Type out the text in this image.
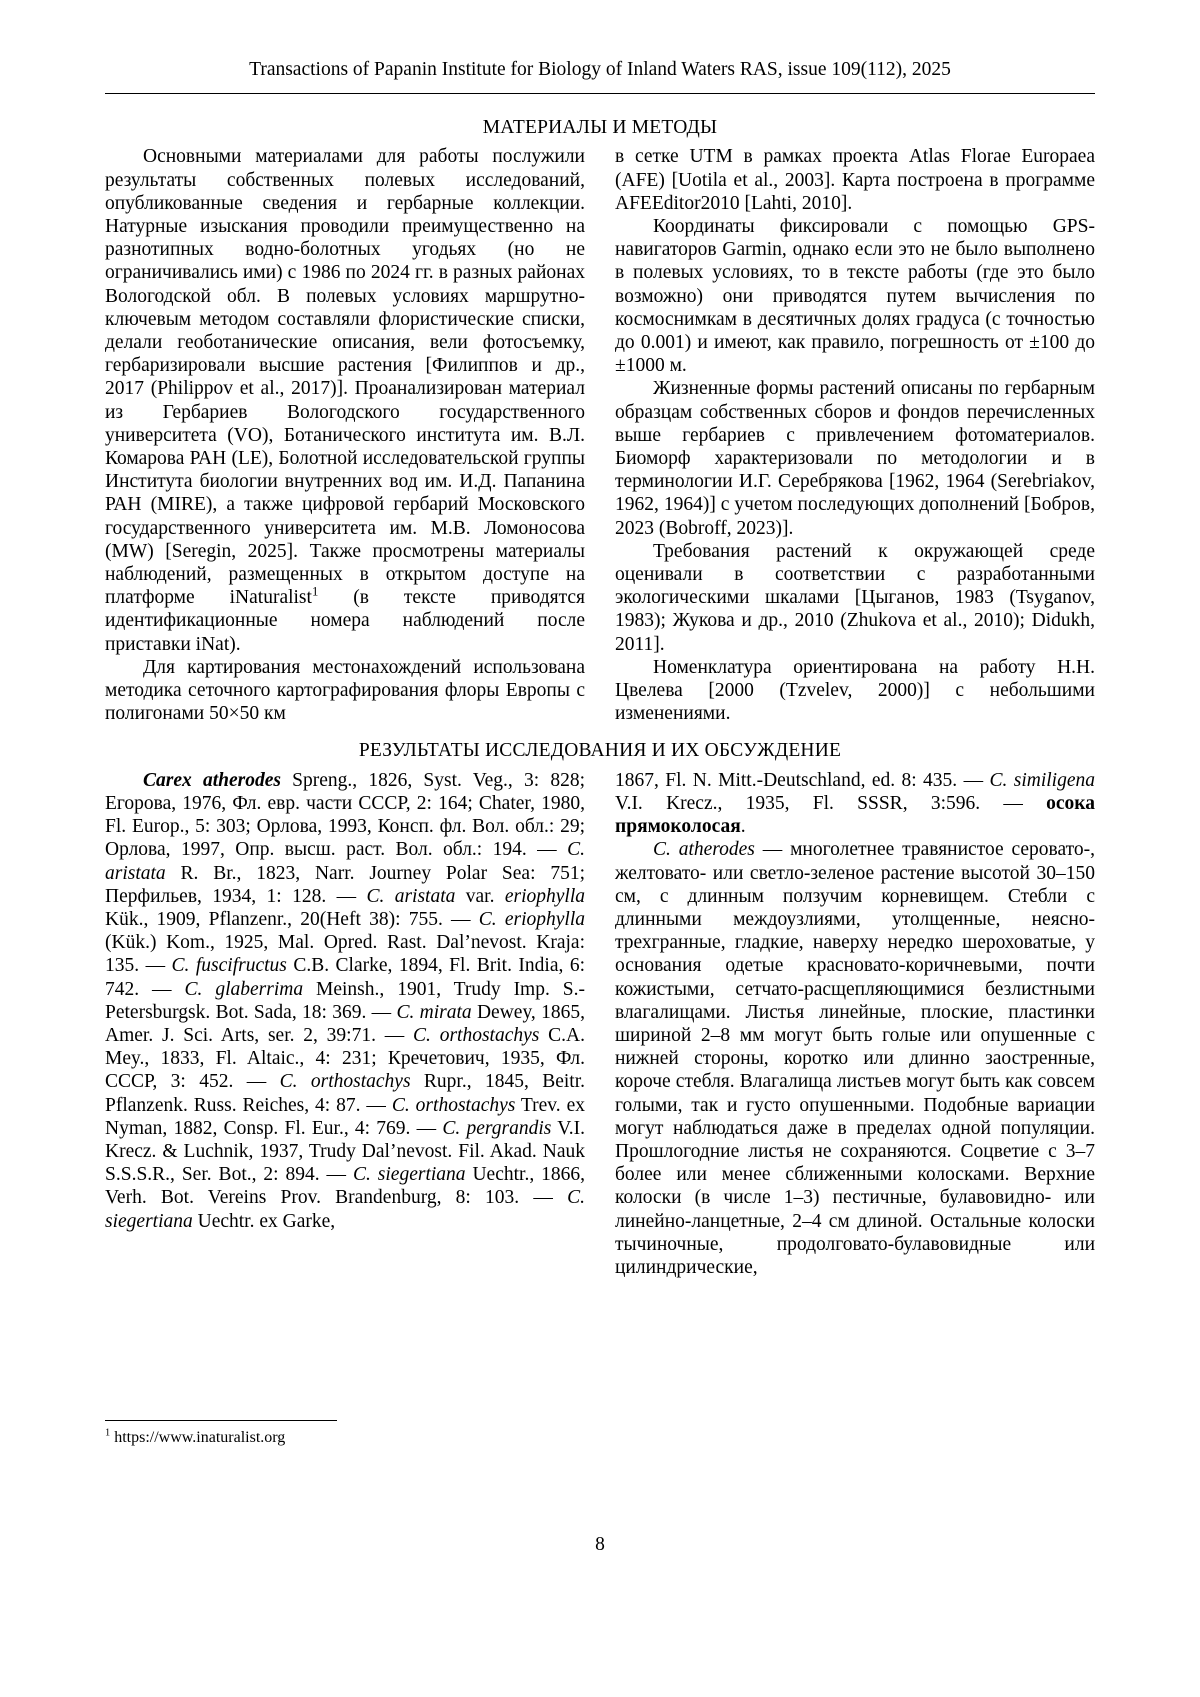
Transactions of Papanin Institute for Biology of Inland Waters RAS, issue 109(112), 2025
МАТЕРИАЛЫ И МЕТОДЫ

Основными материалами для работы послужили результаты собственных полевых исследований, опубликованные сведения и гербарные коллекции. Натурные изыскания проводили преимущественно на разнотипных водно-болотных угодьях (но не ограничивались ими) с 1986 по 2024 гг. в разных районах Вологодской обл. В полевых условиях маршрутно-ключевым методом составляли флористические списки, делали геоботанические описания, вели фотосъемку, гербаризировали высшие растения [Филиппов и др., 2017 (Philippov et al., 2017)]. Проанализирован материал из Гербариев Вологодского государственного университета (VO), Ботанического института им. В.Л. Комарова РАН (LE), Болотной исследовательской группы Института биологии внутренних вод им. И.Д. Папанина РАН (MIRE), а также цифровой гербарий Московского государственного университета им. М.В. Ломоносова (MW) [Seregin, 2025]. Также просмотрены материалы наблюдений, размещенных в открытом доступе на платформе iNaturalist$^1$ (в тексте приводятся идентификационные номера наблюдений после приставки iNat).

Для картирования местонахождений использована методика сеточного картографирования флоры Европы с полигонами 50×50 км

в сетке UTM в рамках проекта Atlas Florae Europaea (AFE) [Uotila et al., 2003]. Карта построена в программе AFEEditor2010 [Lahti, 2010].

Координаты фиксировали с помощью GPS-навигаторов Garmin, однако если это не было выполнено в полевых условиях, то в тексте работы (где это было возможно) они приводятся путем вычисления по космоснимкам в десятичных долях градуса (с точностью до 0.001) и имеют, как правило, погрешность от ±100 до ±1000 м.

Жизненные формы растений описаны по гербарным образцам собственных сборов и фондов перечисленных выше гербариев с привлечением фотоматериалов. Биоморф характеризовали по методологии и в терминологии И.Г. Серебрякова [1962, 1964 (Serebriakov, 1962, 1964)] с учетом последующих дополнений [Бобров, 2023 (Bobroff, 2023)].

Требования растений к окружающей среде оценивали в соответствии с разработанными экологическими шкалами [Цыганов, 1983 (Tsyganov, 1983); Жукова и др., 2010 (Zhukova et al., 2010); Didukh, 2011].

Номенклатура ориентирована на работу Н.Н. Цвелева [2000 (Tzvelev, 2000)] с небольшими изменениями.

РЕЗУЛЬТАТЫ ИССЛЕДОВАНИЯ И ИХ ОБСУЖДЕНИЕ

Carex atherodes Spreng., 1826, Syst. Veg., 3: 828; Егорова, 1976, Фл. евр. части СССР, 2: 164; Chater, 1980, Fl. Europ., 5: 303; Орлова, 1993, Консп. фл. Вол. обл.: 29; Орлова, 1997, Опр. высш. раст. Вол. обл.: 194. — C. aristata R. Br., 1823, Narr. Journey Polar Sea: 751; Перфильев, 1934, 1: 128. — C. aristata var. eriophylla Kük., 1909, Pflanzenr., 20(Heft 38): 755. — C. eriophylla (Kük.) Kom., 1925, Mal. Opred. Rast. Dal’nevost. Kraja: 135. — C. fuscifructus C.B. Clarke, 1894, Fl. Brit. India, 6: 742. — C. glaberrima Meinsh., 1901, Trudy Imp. S.-Petersburgsk. Bot. Sada, 18: 369. — C. mirata Dewey, 1865, Amer. J. Sci. Arts, ser. 2, 39:71. — C. orthostachys C.A. Mey., 1833, Fl. Altaic., 4: 231; Кречетович, 1935, Фл. СССР, 3: 452. — C. orthostachys Rupr., 1845, Beitr. Pflanzenk. Russ. Reiches, 4: 87. — C. orthostachys Trev. ex Nyman, 1882, Consp. Fl. Eur., 4: 769. — C. pergrandis V.I. Krecz. & Luchnik, 1937, Trudy Dal’nevost. Fil. Akad. Nauk S.S.S.R., Ser. Bot., 2: 894. — C. siegertiana Uechtr., 1866, Verh. Bot. Vereins Prov. Brandenburg, 8: 103. — C. siegertiana Uechtr. ex Garke,

1867, Fl. N. Mitt.-Deutschland, ed. 8: 435. — C. similigena V.I. Krecz., 1935, Fl. SSSR, 3:596. — осока прямоколосая.

C. atherodes — многолетнее травянистое серовато-, желтовато- или светло-зеленое растение высотой 30–150 см, с длинным ползучим корневищем. Стебли с длинными междоузлиями, утолщенные, неясно-трехгранные, гладкие, наверху нередко шероховатые, у основания одетые красновато-коричневыми, почти кожистыми, сетчато-расщепляющимися безлистными влагалищами. Листья линейные, плоские, пластинки шириной 2–8 мм могут быть голые или опушенные с нижней стороны, коротко или длинно заостренные, короче стебля. Влагалища листьев могут быть как совсем голыми, так и густо опушенными. Подобные вариации могут наблюдаться даже в пределах одной популяции. Прошлогодние листья не сохраняются. Соцветие с 3–7 более или менее сближенными колосками. Верхние колоски (в числе 1–3) пестичные, булавовидно- или линейно-ланцетные, 2–4 см длиной. Остальные колоски тычиночные, продолговато-булавовидные или цилиндрические,

$^1$ https://www.inaturalist.org
8
